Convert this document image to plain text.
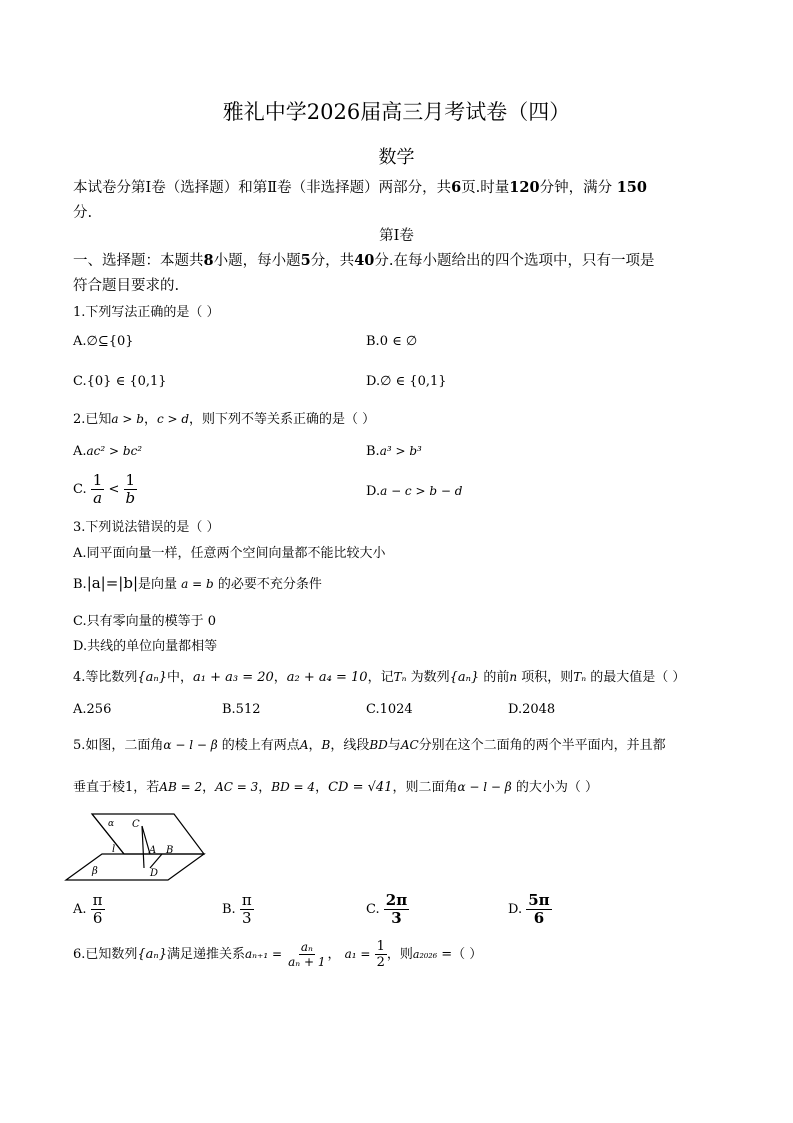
雅礼中学2026届高三月考试卷（四）
数学
本试卷分第Ⅰ卷（选择题）和第Ⅱ卷（非选择题）两部分，共6页.时量120分钟，满分 150
分.
第Ⅰ卷
一、选择题：本题共8小题，每小题5分，共40分.在每小题给出的四个选项中，只有一项是
符合题目要求的.
1.下列写法正确的是（ ）
A.∅⊆{0}	B.0 ∈ ∅
C.{0} ∈ {0,1}	D.∅ ∈ {0,1}
2.已知a > b，c > d，则下列不等关系正确的是（ ）
A.ac² > bc²	B.a³ > b³
C. $\frac{1}{a} < \frac{1}{b}$	D.a − c > b − d
3.下列说法错误的是（ ）
A.同平面向量一样，任意两个空间向量都不能比较大小
B.|a|=|b|是向量 a = b 的必要不充分条件
C.只有零向量的模等于 0
D.共线的单位向量都相等
4.等比数列{aₙ}中，a₁ + a₃ = 20，a₂ + a₄ = 10，记Tₙ 为数列{aₙ} 的前n 项积，则Tₙ 的最大值是（ ）
A.256	B.512	C.1024	D.2048
5.如图，二面角α − l − β 的棱上有两点A，B，线段BD与AC分别在这个二面角的两个半平面内，并且都
垂直于棱1，若AB = 2，AC = 3，BD = 4，CD = √41，则二面角α − l − β 的大小为（ ）
α C
l	A B
β	D
A. $\frac{\pi}{6}$	B. $\frac{\pi}{3}$	C. $\frac{2\pi}{3}$	D. $\frac{5\pi}{6}$
6.已知数列{aₙ}满足递推关系$a_{n+1} = \frac{\text{aₙ}}{\text{aₙ + 1}}$ ， $a_1 = \frac{1}{2}$ ，则a₂₀₂₆ =（ ）
